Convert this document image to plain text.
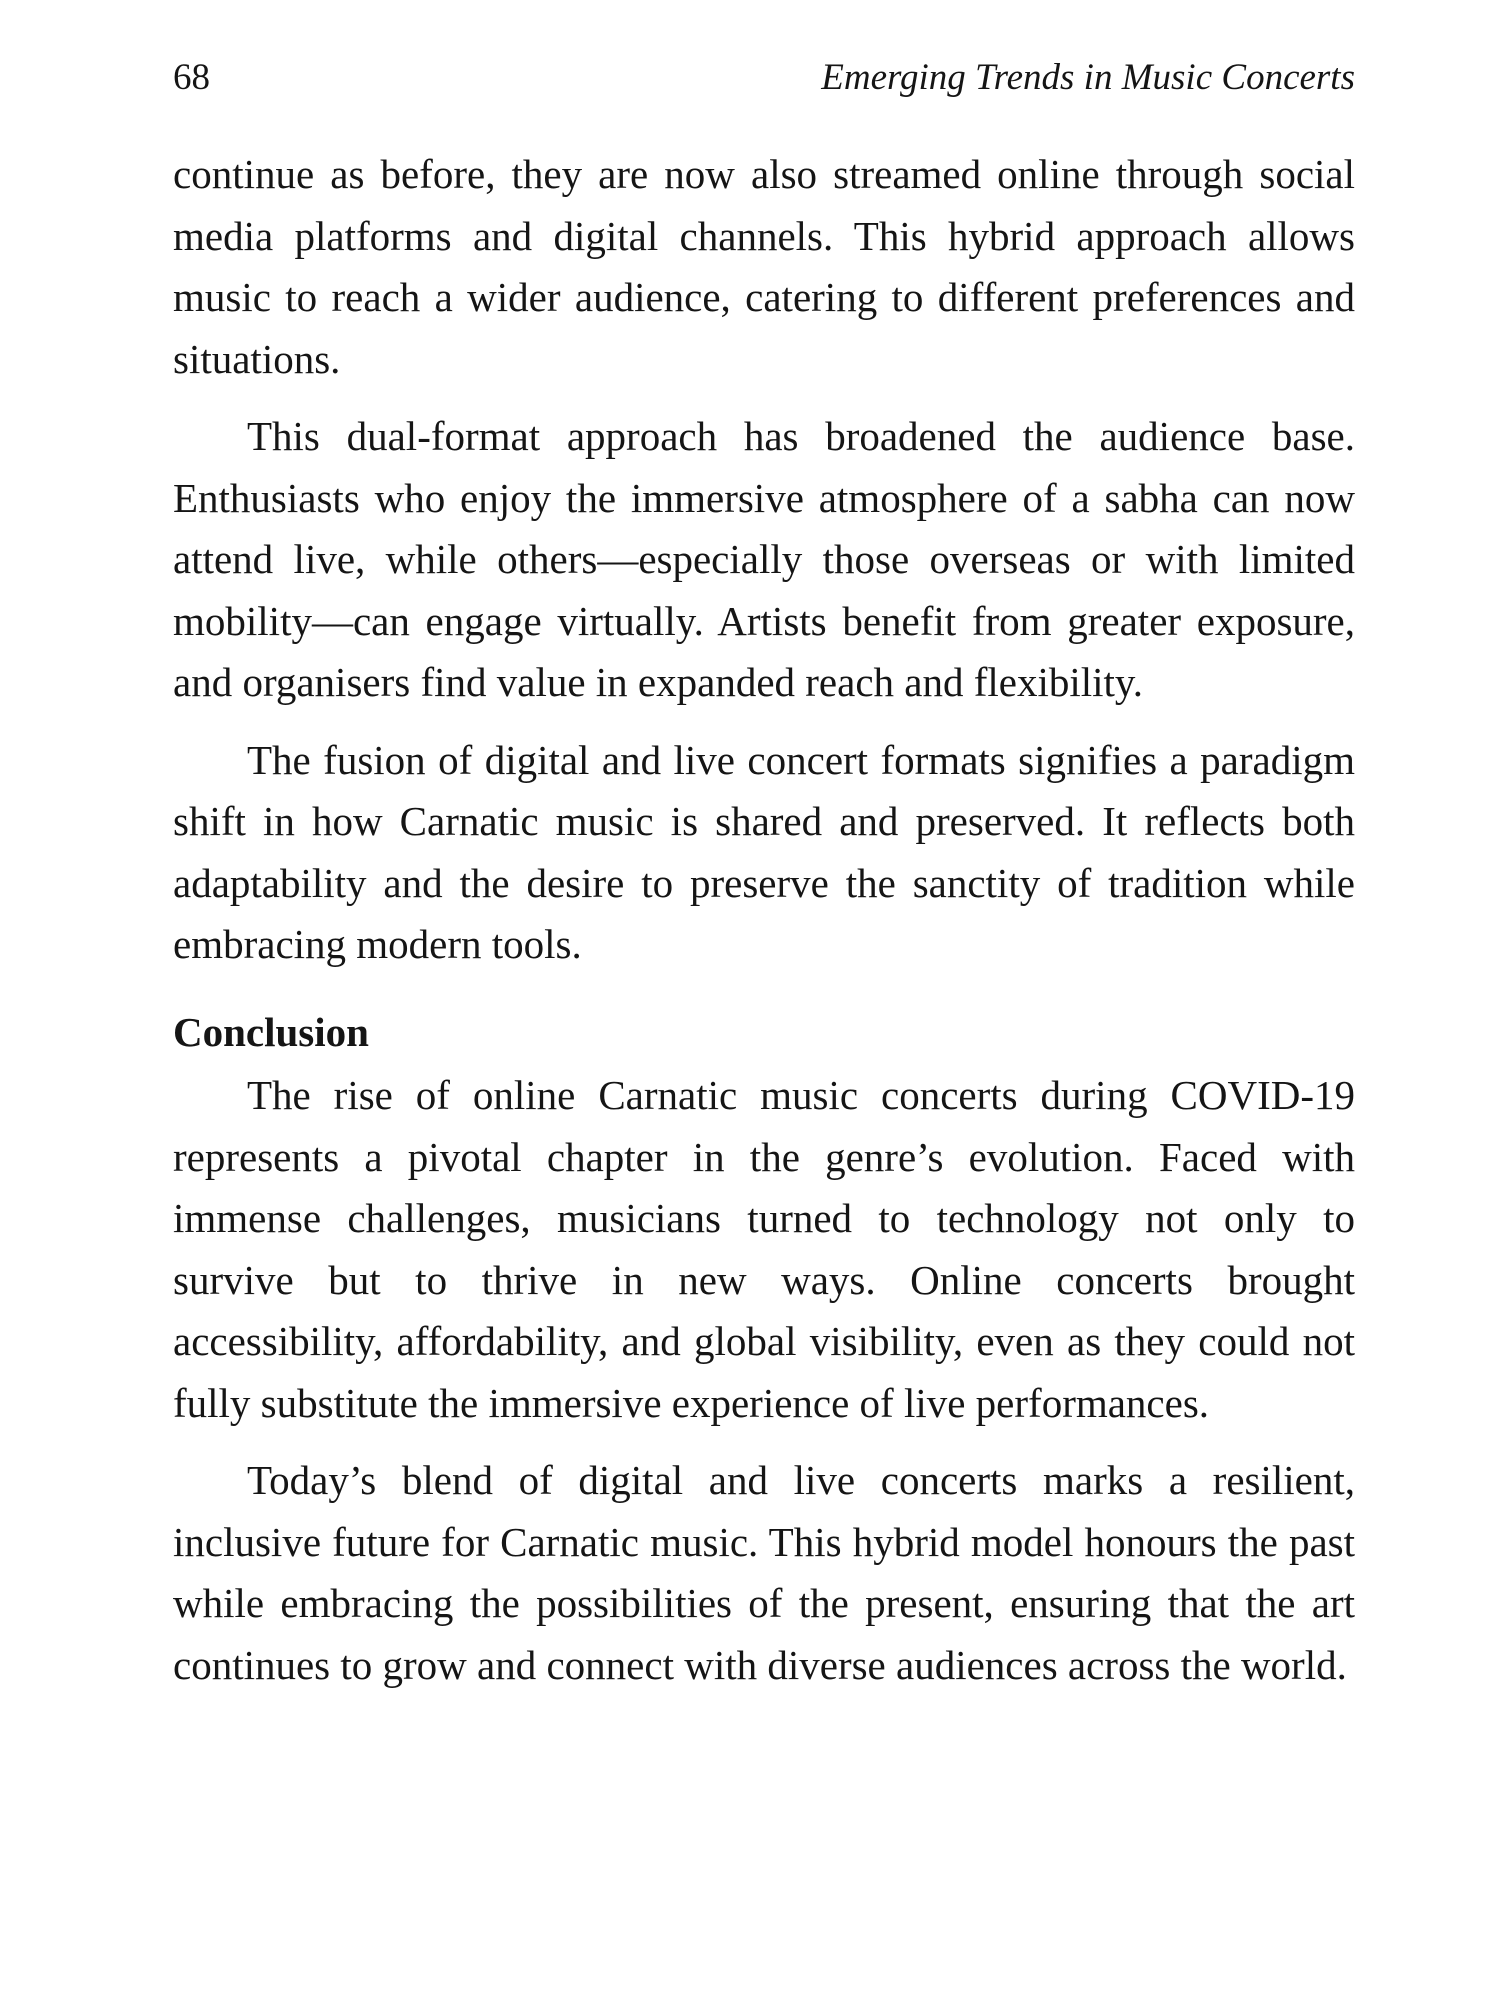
68	Emerging Trends in Music Concerts

continue as before, they are now also streamed online through social media platforms and digital channels. This hybrid approach allows music to reach a wider audience, catering to different preferences and situations.

This dual-format approach has broadened the audience base. Enthusiasts who enjoy the immersive atmosphere of a sabha can now attend live, while others—especially those overseas or with limited mobility—can engage virtually. Artists benefit from greater exposure, and organisers find value in expanded reach and flexibility.

The fusion of digital and live concert formats signifies a paradigm shift in how Carnatic music is shared and preserved. It reflects both adaptability and the desire to preserve the sanctity of tradition while embracing modern tools.

Conclusion

The rise of online Carnatic music concerts during COVID-19 represents a pivotal chapter in the genre’s evolution. Faced with immense challenges, musicians turned to technology not only to survive but to thrive in new ways. Online concerts brought accessibility, affordability, and global visibility, even as they could not fully substitute the immersive experience of live performances.

Today’s blend of digital and live concerts marks a resilient, inclusive future for Carnatic music. This hybrid model honours the past while embracing the possibilities of the present, ensuring that the art continues to grow and connect with diverse audiences across the world.
